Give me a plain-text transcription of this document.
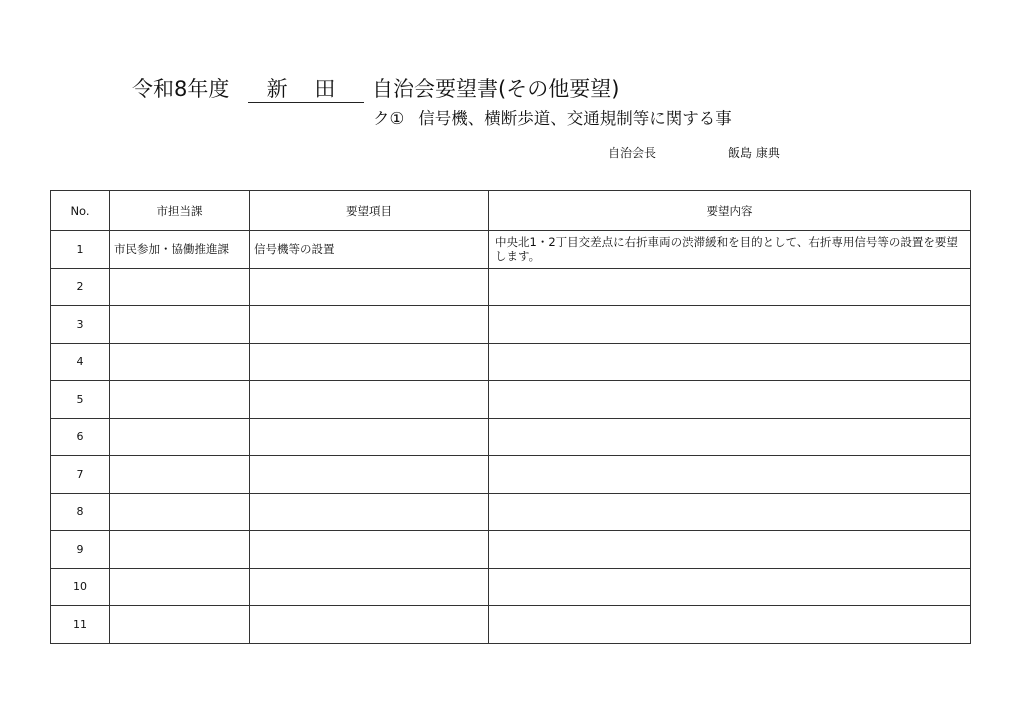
令和8年度	新 田	自治会要望書(その他要望)
ク① 信号機、横断歩道、交通規制等に関する事
自治会長	飯島 康典
No.	市担当課	要望項目	要望内容
1	市民参加・協働推進課	信号機等の設置	中央北1・2丁目交差点に右折車両の渋滞緩和を目的として、右折専用信号等の設置を要望します。
2			
3			
4			
5			
6			
7			
8			
9			
10			
11			
